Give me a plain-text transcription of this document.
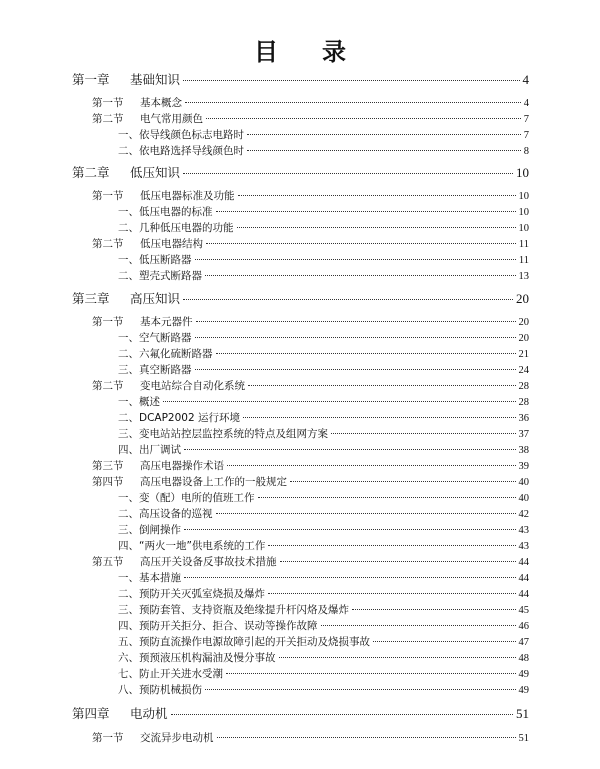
目 录
第一章 基础知识	4
第一节 基本概念	4
第二节 电气常用颜色	7
一、依导线颜色标志电路时	7
二、依电路选择导线颜色时	8
第二章 低压知识	10
第一节 低压电器标准及功能	10
一、低压电器的标准	10
二、几种低压电器的功能	10
第二节 低压电器结构	11
一、低压断路器	11
二、塑壳式断路器	13
第三章 高压知识	20
第一节 基本元器件	20
一、空气断路器	20
二、六氟化硫断路器	21
三、真空断路器	24
第二节 变电站综合自动化系统	28
一、概述	28
二、DCAP2002 运行环境	36
三、变电站站控层监控系统的特点及组网方案	37
四、出厂调试	38
第三节 高压电器操作术语	39
第四节 高压电器设备上工作的一般规定	40
一、变（配）电所的值班工作	40
二、高压设备的巡视	42
三、倒闸操作	43
四、“两火一地”供电系统的工作	43
第五节 高压开关设备反事故技术措施	44
一、基本措施	44
二、预防开关灭弧室烧损及爆炸	44
三、预防套管、支持资瓶及绝缘提升杆闪烙及爆炸	45
四、预防开关拒分、拒合、误动等操作故障	46
五、预防直流操作电源故障引起的开关拒动及烧损事故	47
六、预预液压机构漏油及慢分事故	48
七、防止开关进水受潮	49
八、预防机械损伤	49
第四章 电动机	51
第一节 交流异步电动机	51
